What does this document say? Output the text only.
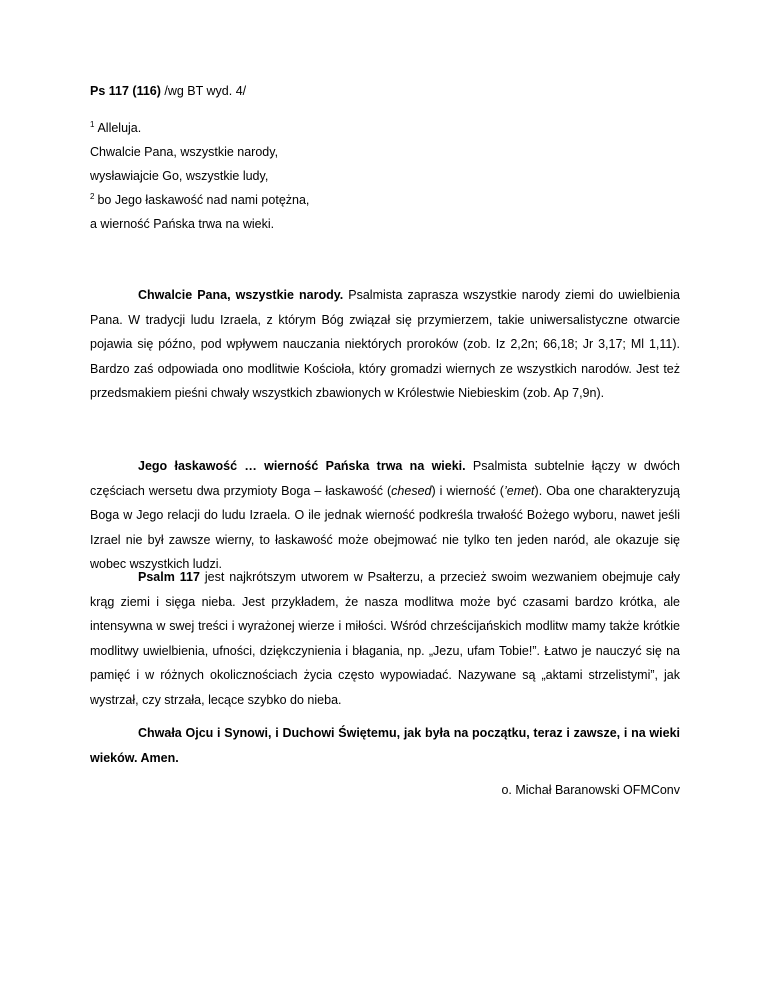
Ps 117 (116) /wg BT wyd. 4/
$^1$ Alleluja.
Chwalcie Pana, wszystkie narody,
wysławiajcie Go, wszystkie ludy,
$^2$ bo Jego łaskawość nad nami potężna,
a wierność Pańska trwa na wieki.

Chwalcie Pana, wszystkie narody. Psalmista zaprasza wszystkie narody ziemi do uwielbienia Pana. W tradycji ludu Izraela, z którym Bóg związał się przymierzem, takie uniwersalistyczne otwarcie pojawia się późno, pod wpływem nauczania niektórych proroków (zob. Iz 2,2n; 66,18; Jr 3,17; Ml 1,11). Bardzo zaś odpowiada ono modlitwie Kościoła, który gromadzi wiernych ze wszystkich narodów. Jest też przedsmakiem pieśni chwały wszystkich zbawionych w Królestwie Niebieskim (zob. Ap 7,9n).

Jego łaskawość … wierność Pańska trwa na wieki. Psalmista subtelnie łączy w dwóch częściach wersetu dwa przymioty Boga – łaskawość (chesed) i wierność (’emet). Oba one charakteryzują Boga w Jego relacji do ludu Izraela. O ile jednak wierność podkreśla trwałość Bożego wyboru, nawet jeśli Izrael nie był zawsze wierny, to łaskawość może obejmować nie tylko ten jeden naród, ale okazuje się wobec wszystkich ludzi.

Psalm 117 jest najkrótszym utworem w Psałterzu, a przecież swoim wezwaniem obejmuje cały krąg ziemi i sięga nieba. Jest przykładem, że nasza modlitwa może być czasami bardzo krótka, ale intensywna w swej treści i wyrażonej wierze i miłości. Wśród chrześcijańskich modlitw mamy także krótkie modlitwy uwielbienia, ufności, dziękczynienia i błagania, np. „Jezu, ufam Tobie!”. Łatwo je nauczyć się na pamięć i w różnych okolicznościach życia często wypowiadać. Nazywane są „aktami strzelistymi”, jak wystrzał, czy strzała, lecące szybko do nieba.

Chwała Ojcu i Synowi, i Duchowi Świętemu, jak była na początku, teraz i zawsze, i na wieki wieków. Amen.

o. Michał Baranowski OFMConv
